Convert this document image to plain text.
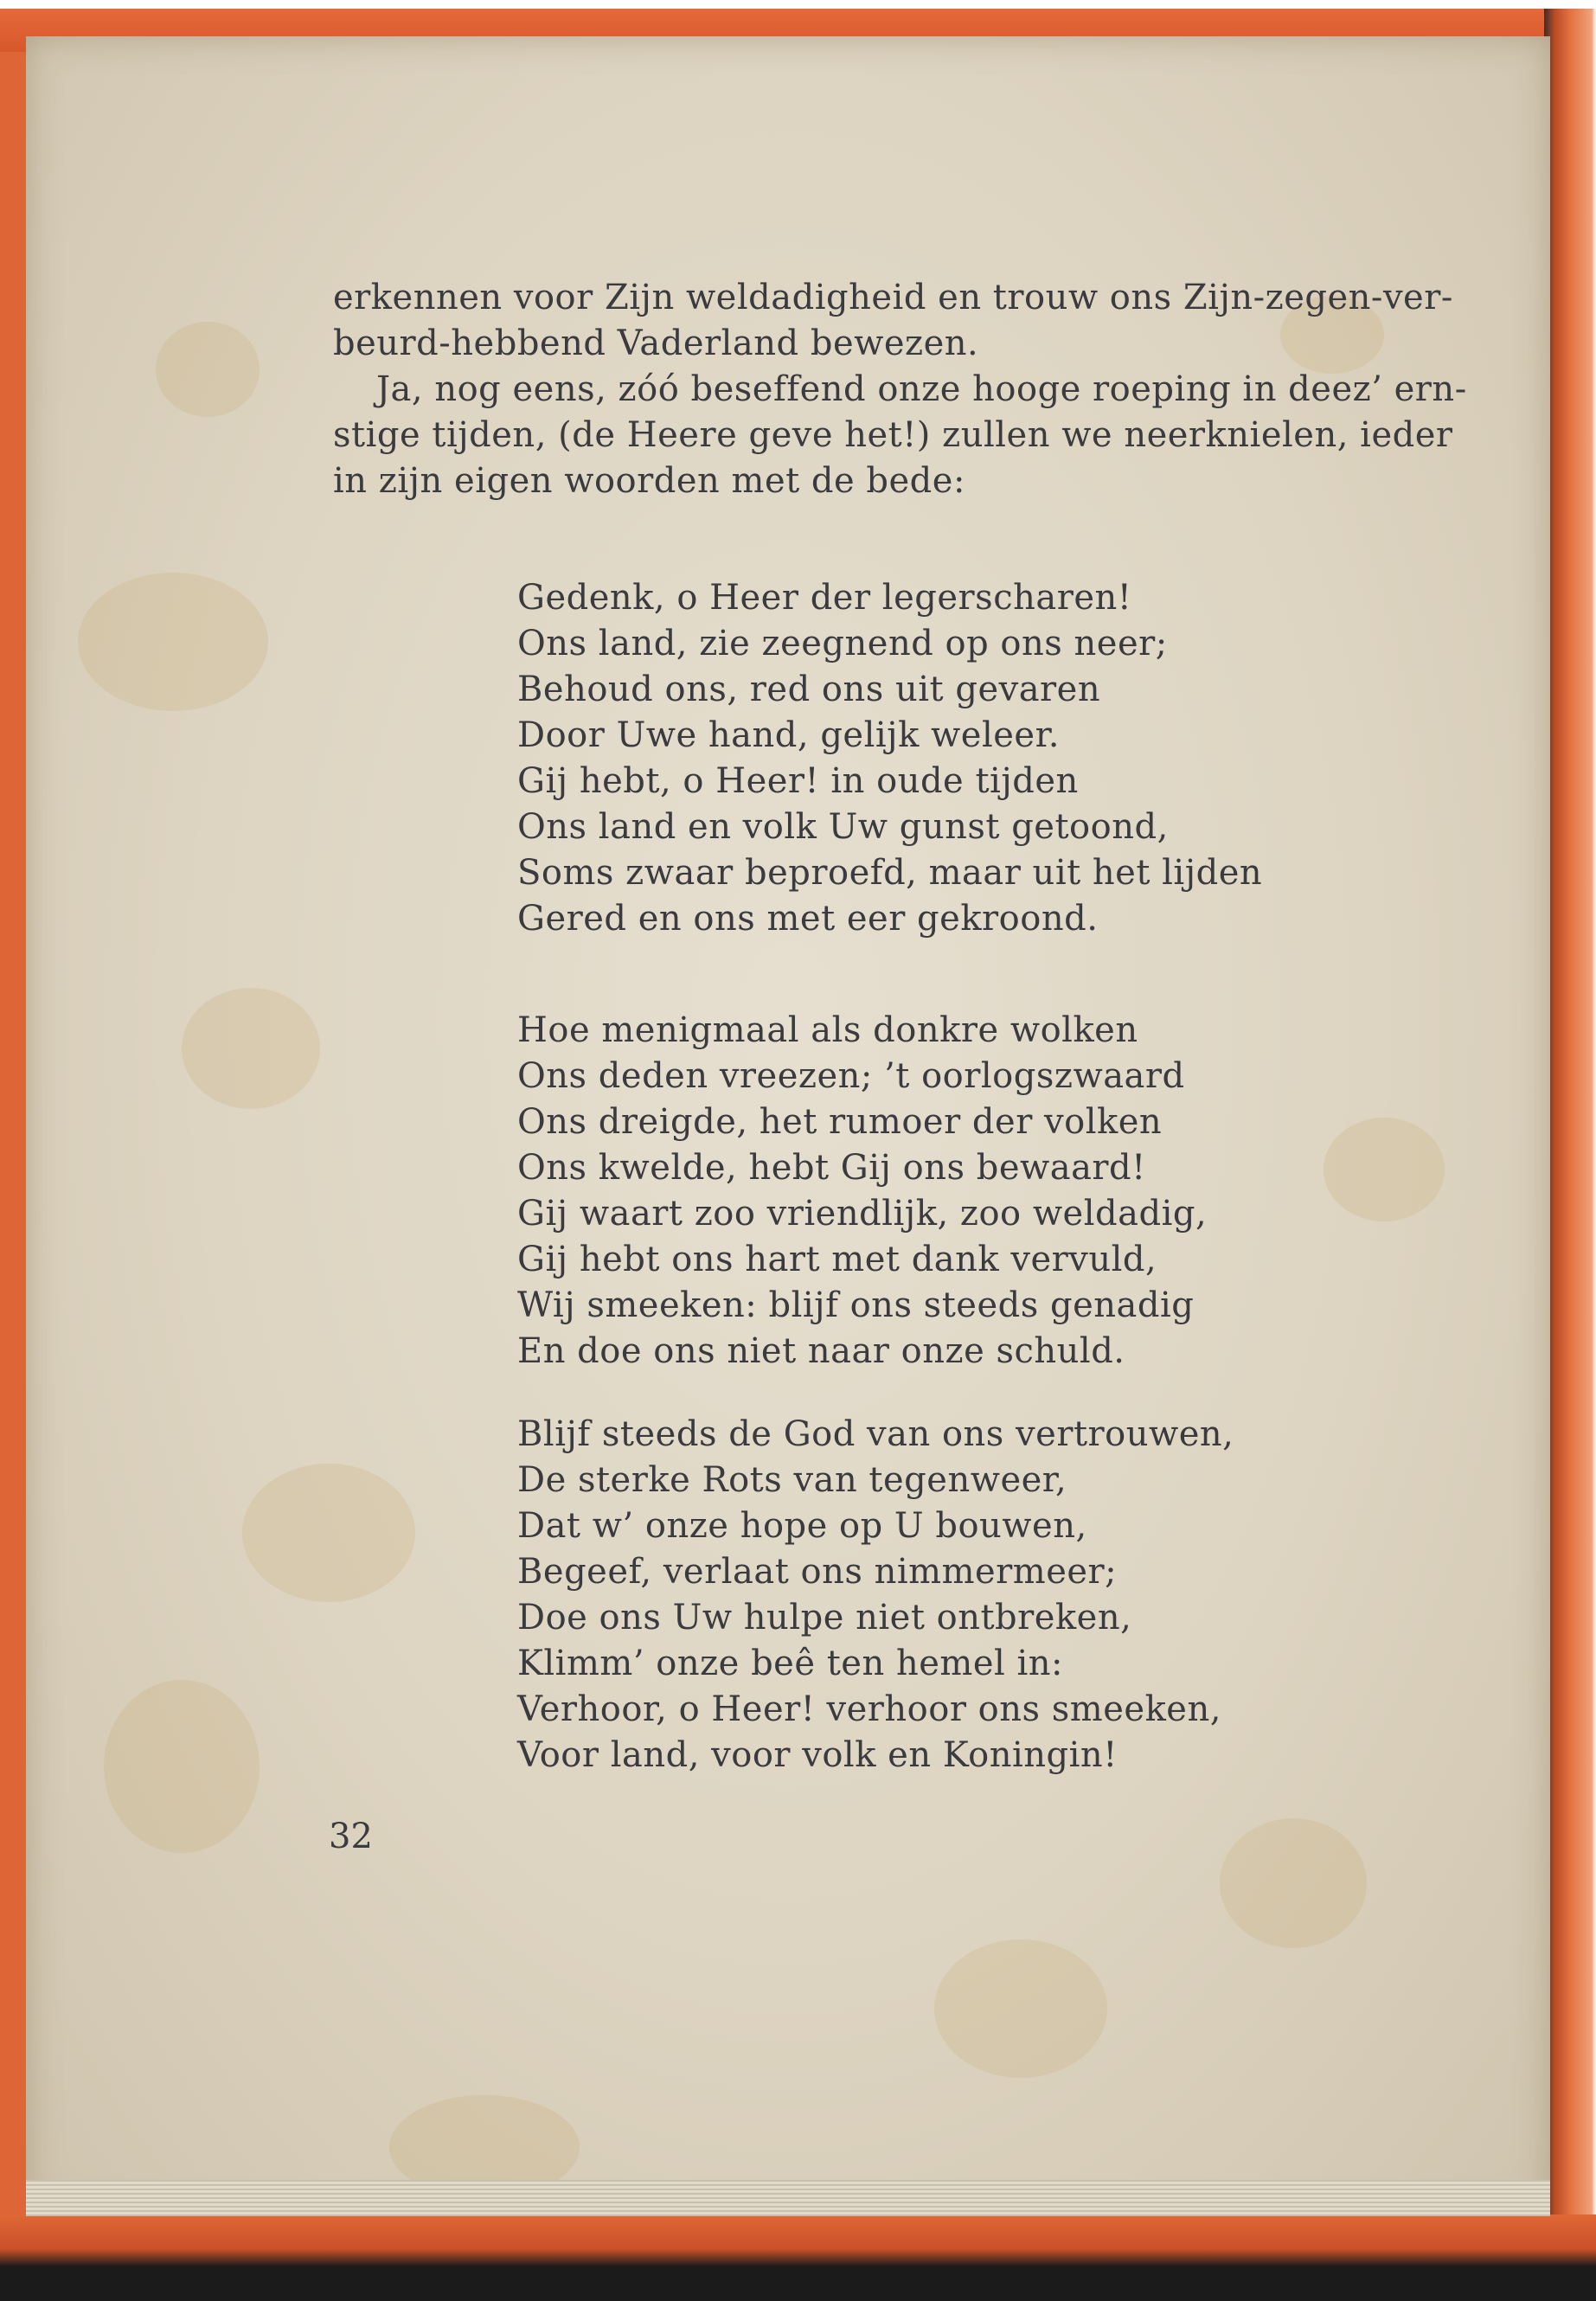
erkennen voor Zijn weldadigheid en trouw ons Zijn-zegen-ver-
beurd-hebbend Vaderland bewezen.
Ja, nog eens, zóó beseffend onze hooge roeping in deez’ ern-
stige tijden, (de Heere geve het!) zullen we neerknielen, ieder
in zijn eigen woorden met de bede:
Gedenk, o Heer der legerscharen!
Ons land, zie zeegnend op ons neer;
Behoud ons, red ons uit gevaren
Door Uwe hand, gelijk weleer.
Gij hebt, o Heer! in oude tijden
Ons land en volk Uw gunst getoond,
Soms zwaar beproefd, maar uit het lijden
Gered en ons met eer gekroond.
Hoe menigmaal als donkre wolken
Ons deden vreezen; ’t oorlogszwaard
Ons dreigde, het rumoer der volken
Ons kwelde, hebt Gij ons bewaard!
Gij waart zoo vriendlijk, zoo weldadig,
Gij hebt ons hart met dank vervuld,
Wij smeeken: blijf ons steeds genadig
En doe ons niet naar onze schuld.
Blijf steeds de God van ons vertrouwen,
De sterke Rots van tegenweer,
Dat w’ onze hope op U bouwen,
Begeef, verlaat ons nimmermeer;
Doe ons Uw hulpe niet ontbreken,
Klimm’ onze beê ten hemel in:
Verhoor, o Heer! verhoor ons smeeken,
Voor land, voor volk en Koningin!
32
